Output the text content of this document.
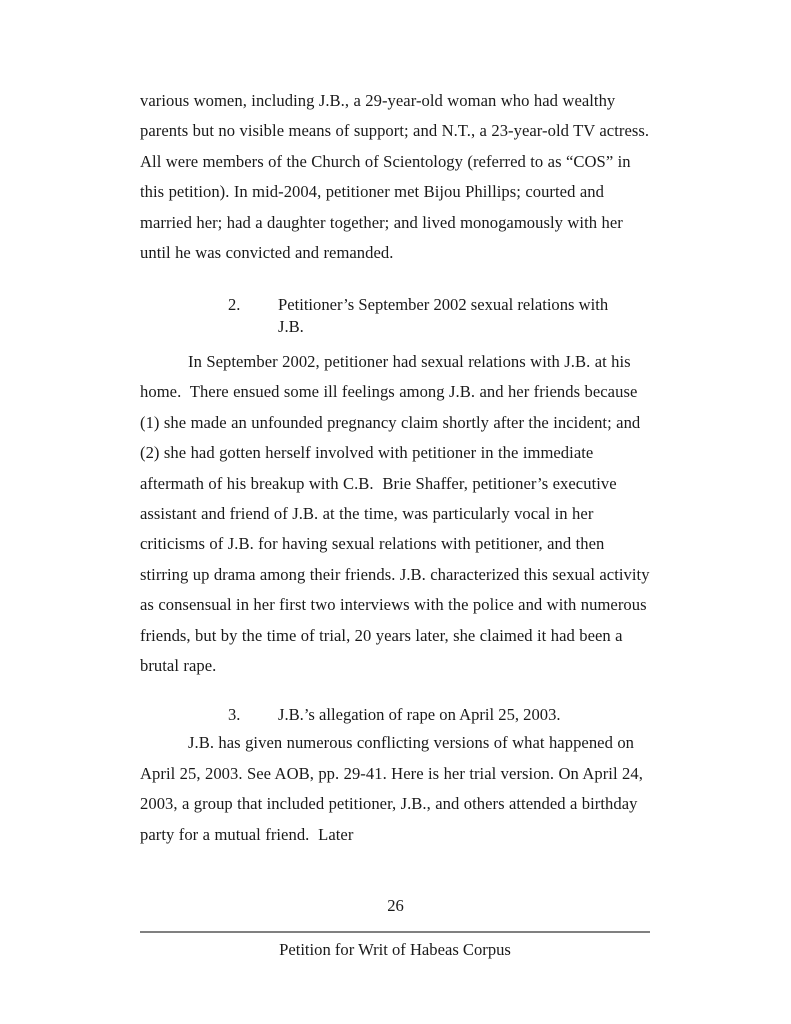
various women, including J.B., a 29-year-old woman who had wealthy parents but no visible means of support; and N.T., a 23-year-old TV actress. All were members of the Church of Scientology (referred to as “COS” in this petition). In mid-2004, petitioner met Bijou Phillips; courted and married her; had a daughter together; and lived monogamously with her until he was convicted and remanded.

2.	Petitioner’s September 2002 sexual relations with J.B.

In September 2002, petitioner had sexual relations with J.B. at his home.  There ensued some ill feelings among J.B. and her friends because (1) she made an unfounded pregnancy claim shortly after the incident; and (2) she had gotten herself involved with petitioner in the immediate aftermath of his breakup with C.B.  Brie Shaffer, petitioner’s executive assistant and friend of J.B. at the time, was particularly vocal in her criticisms of J.B. for having sexual relations with petitioner, and then stirring up drama among their friends. J.B. characterized this sexual activity as consensual in her first two interviews with the police and with numerous friends, but by the time of trial, 20 years later, she claimed it had been a brutal rape.

3.	J.B.’s allegation of rape on April 25, 2003.

J.B. has given numerous conflicting versions of what happened on April 25, 2003. See AOB, pp. 29-41. Here is her trial version. On April 24, 2003, a group that included petitioner, J.B., and others attended a birthday party for a mutual friend.  Later

26
Petition for Writ of Habeas Corpus
